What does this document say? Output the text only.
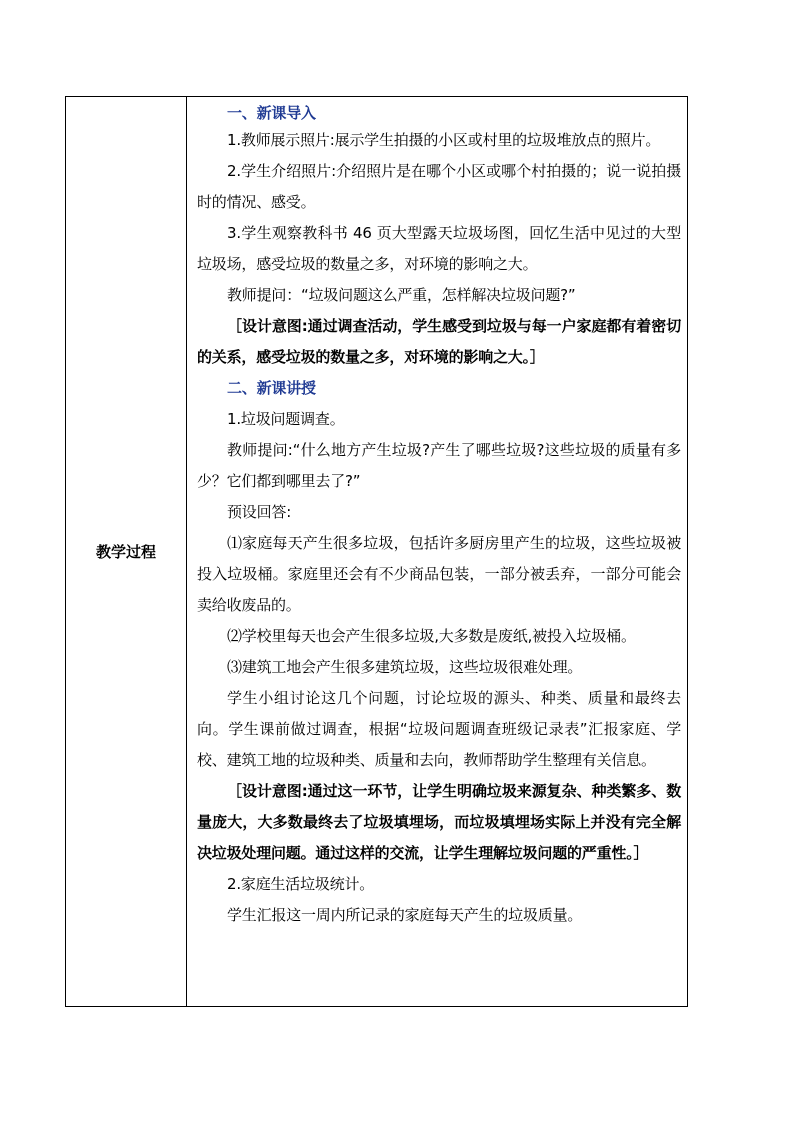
教学过程	

一、新课导入

1.教师展示照片:展示学生拍摄的小区或村里的垃圾堆放点的照片。

2.学生介绍照片:介绍照片是在哪个小区或哪个村拍摄的；说一说拍摄时的情况、感受。

3.学生观察教科书 46 页大型露天垃圾场图，回忆生活中见过的大型垃圾场，感受垃圾的数量之多，对环境的影响之大。

教师提问：“垃圾问题这么严重，怎样解决垃圾问题?”

［设计意图:通过调查活动，学生感受到垃圾与每一户家庭都有着密切的关系，感受垃圾的数量之多，对环境的影响之大。］

二、新课讲授

1.垃圾问题调查。

教师提问:“什么地方产生垃圾?产生了哪些垃圾?这些垃圾的质量有多少？它们都到哪里去了?”

预设回答:

⑴家庭每天产生很多垃圾，包括许多厨房里产生的垃圾，这些垃圾被投入垃圾桶。家庭里还会有不少商品包装，一部分被丢弃，一部分可能会卖给收废品的。

⑵学校里每天也会产生很多垃圾,大多数是废纸,被投入垃圾桶。

⑶建筑工地会产生很多建筑垃圾，这些垃圾很难处理。

学生小组讨论这几个问题，讨论垃圾的源头、种类、质量和最终去向。学生课前做过调查，根据“垃圾问题调查班级记录表”汇报家庭、学校、建筑工地的垃圾种类、质量和去向，教师帮助学生整理有关信息。

［设计意图:通过这一环节，让学生明确垃圾来源复杂、种类繁多、数量庞大，大多数最终去了垃圾填埋场，而垃圾填埋场实际上并没有完全解决垃圾处理问题。通过这样的交流，让学生理解垃圾问题的严重性。］

2.家庭生活垃圾统计。

学生汇报这一周内所记录的家庭每天产生的垃圾质量。
